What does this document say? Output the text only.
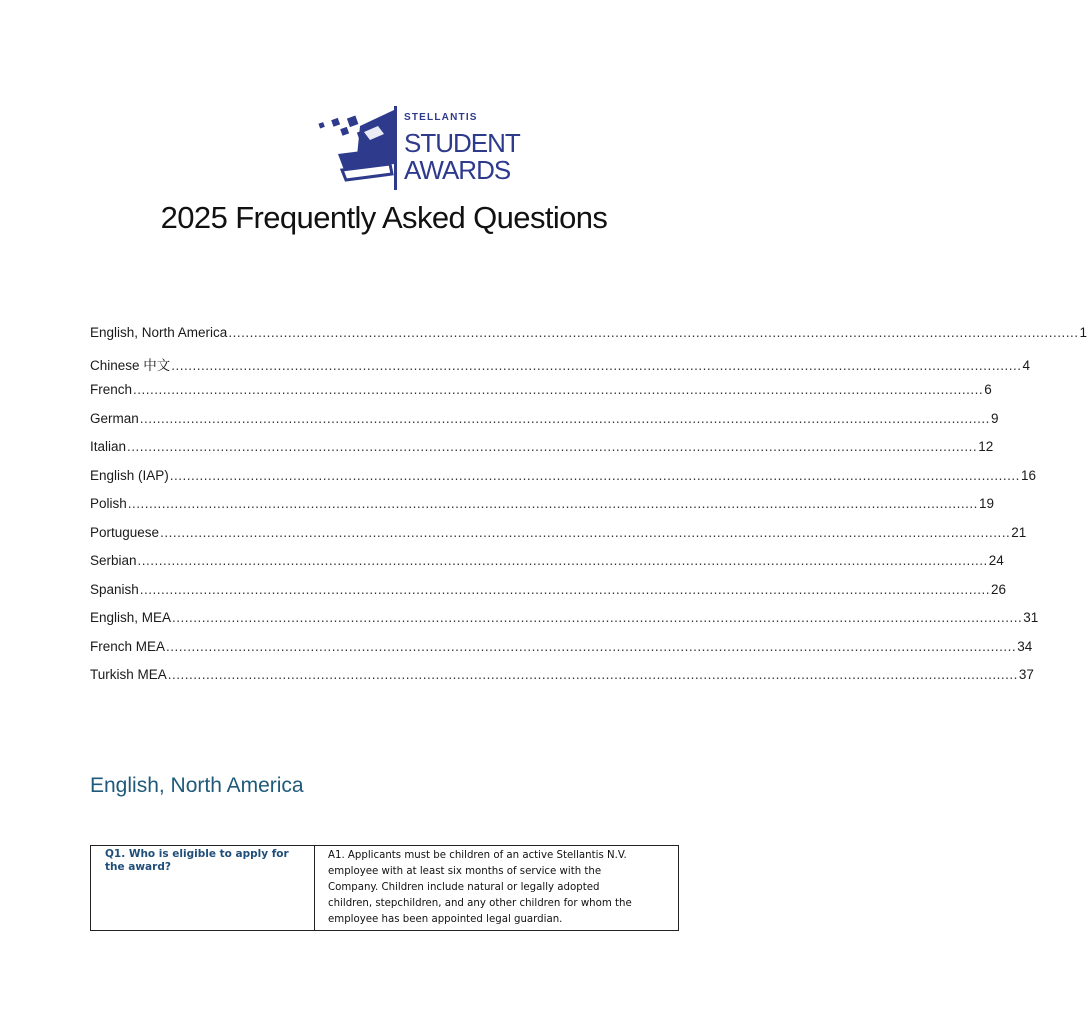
STELLANTIS
STUDENT
AWARDS
2025 Frequently Asked Questions
English, North America .....	1
Chinese 中文 .....	4
French .....	6
German .....	9
Italian .....	12
English (IAP) .....	16
Polish .....	19
Portuguese .....	21
Serbian .....	24
Spanish .....	26
English, MEA .....	31
French MEA .....	34
Turkish MEA .....	37
English, North America
Q1. Who is eligible to apply for the award?	
A1. Applicants must be children of an active Stellantis N.V.
employee with at least six months of service with the
Company. Children include natural or legally adopted
children, stepchildren, and any other children for whom the
employee has been appointed legal guardian.
